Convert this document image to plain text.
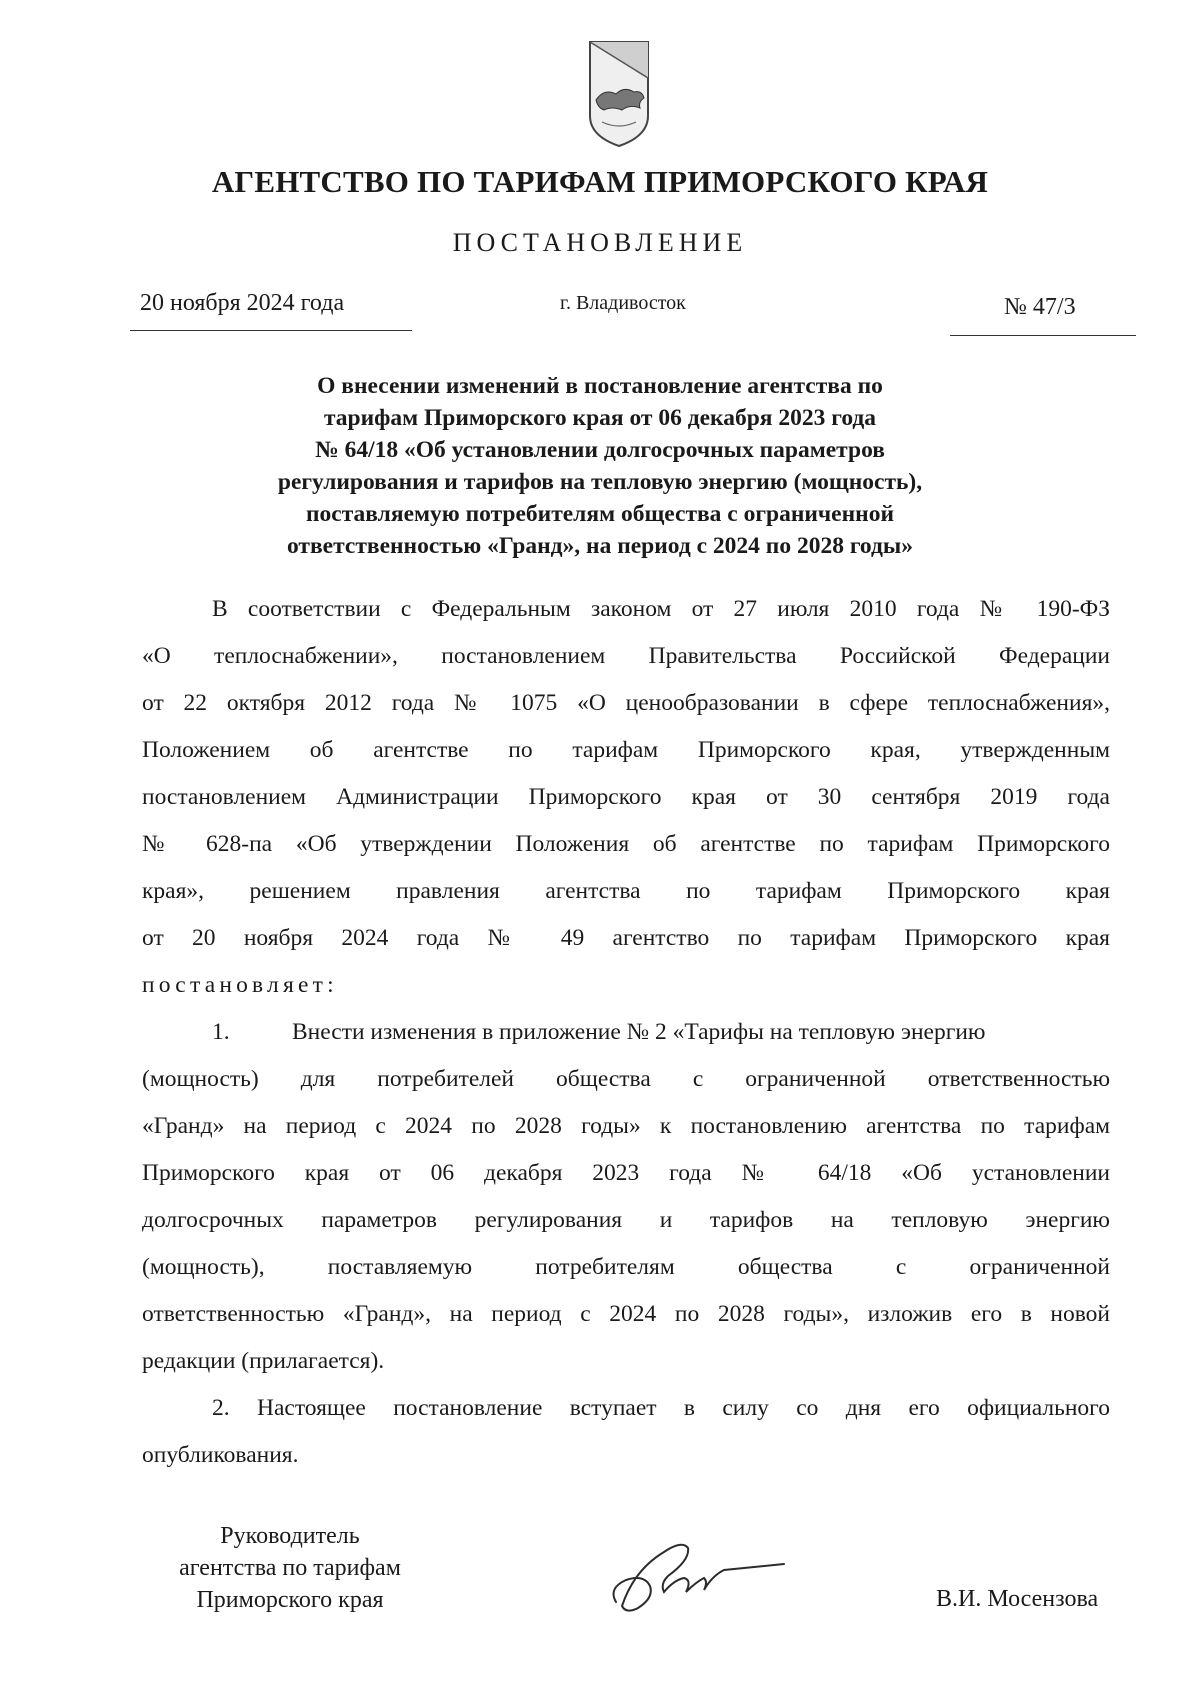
АГЕНТСТВО ПО ТАРИФАМ ПРИМОРСКОГО КРАЯ
ПОСТАНОВЛЕНИЕ
20 ноября 2024 года	г. Владивосток	№ 47/3
О внесении изменений в постановление агентства по
тарифам Приморского края от 06 декабря 2023 года
№ 64/18 «Об установлении долгосрочных параметров
регулирования и тарифов на тепловую энергию (мощность),
поставляемую потребителям общества с ограниченной
ответственностью «Гранд», на период с 2024 по 2028 годы»
В соответствии с Федеральным законом от 27 июля 2010 года № 190-ФЗ
«О теплоснабжении», постановлением Правительства Российской Федерации
от 22 октября 2012 года № 1075 «О ценообразовании в сфере теплоснабжения»,
Положением об агентстве по тарифам Приморского края, утвержденным
постановлением Администрации Приморского края от 30 сентября 2019 года
№ 628-па «Об утверждении Положения об агентстве по тарифам Приморского
края», решением правления агентства по тарифам Приморского края
от 20 ноября 2024 года № 49 агентство по тарифам Приморского края
постановляет:
1.	Внести изменения в приложение № 2 «Тарифы на тепловую энергию
(мощность) для потребителей общества с ограниченной ответственностью
«Гранд» на период с 2024 по 2028 годы» к постановлению агентства по тарифам
Приморского края от 06 декабря 2023 года № 64/18 «Об установлении
долгосрочных параметров регулирования и тарифов на тепловую энергию
(мощность), поставляемую потребителям общества с ограниченной
ответственностью «Гранд», на период с 2024 по 2028 годы», изложив его в новой
редакции (прилагается).
2. Настоящее постановление вступает в силу со дня его официального
опубликования.
Руководитель
агентства по тарифам
Приморского края	В.И. Мосензова
